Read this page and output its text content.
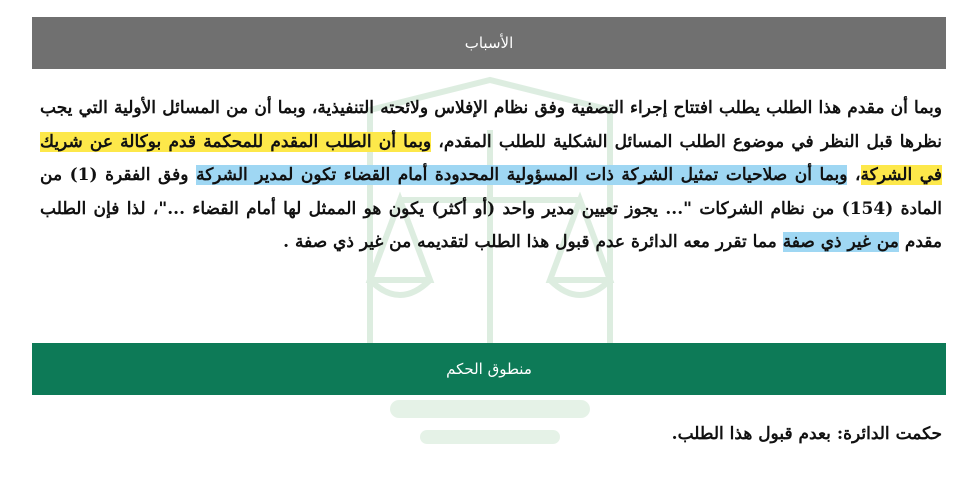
الأسباب
وبما أن مقدم هذا الطلب يطلب افتتاح إجراء التصفية وفق نظام الإفلاس ولائحته التنفيذية، وبما أن من المسائل الأولية التي يجب نظرها قبل النظر في موضوع الطلب المسائل الشكلية للطلب المقدم، وبما أن الطلب المقدم للمحكمة قدم بوكالة عن شريك في الشركة، وبما أن صلاحيات تمثيل الشركة ذات المسؤولية المحدودة أمام القضاء تكون لمدير الشركة وفق الفقرة (1) من المادة (154) من نظام الشركات "... يجوز تعيين مدير واحد (أو أكثر) يكون هو الممثل لها أمام القضاء ..."، لذا فإن الطلب مقدم من غير ذي صفة مما تقرر معه الدائرة عدم قبول هذا الطلب لتقديمه من غير ذي صفة .
منطوق الحكم
حكمت الدائرة: بعدم قبول هذا الطلب.
